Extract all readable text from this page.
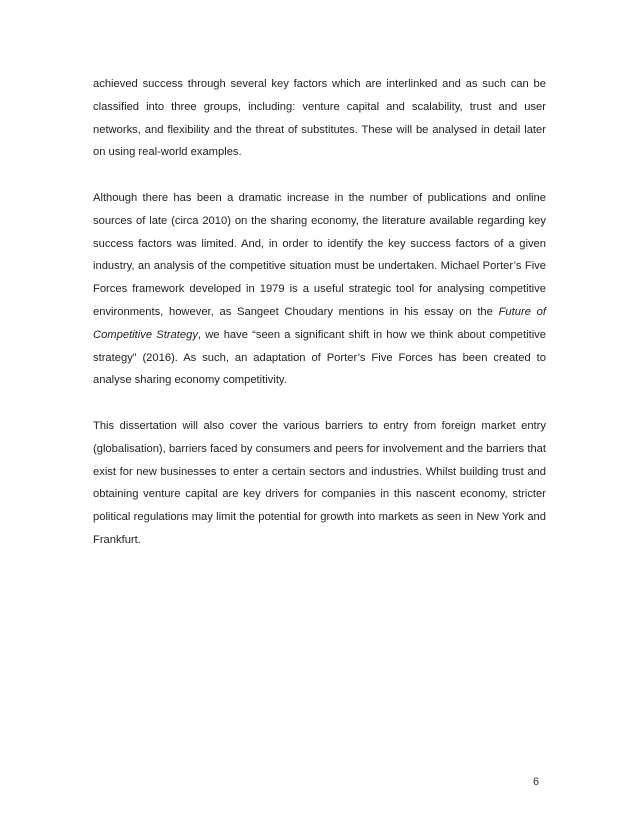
achieved success through several key factors which are interlinked and as such can be classified into three groups, including: venture capital and scalability, trust and user networks, and flexibility and the threat of substitutes. These will be analysed in detail later on using real-world examples.

Although there has been a dramatic increase in the number of publications and online sources of late (circa 2010) on the sharing economy, the literature available regarding key success factors was limited. And, in order to identify the key success factors of a given industry, an analysis of the competitive situation must be undertaken. Michael Porter’s Five Forces framework developed in 1979 is a useful strategic tool for analysing competitive environments, however, as Sangeet Choudary mentions in his essay on the Future of Competitive Strategy, we have “seen a significant shift in how we think about competitive strategy” (2016). As such, an adaptation of Porter’s Five Forces has been created to analyse sharing economy competitivity.

This dissertation will also cover the various barriers to entry from foreign market entry (globalisation), barriers faced by consumers and peers for involvement and the barriers that exist for new businesses to enter a certain sectors and industries. Whilst building trust and obtaining venture capital are key drivers for companies in this nascent economy, stricter political regulations may limit the potential for growth into markets as seen in New York and Frankfurt.

6
